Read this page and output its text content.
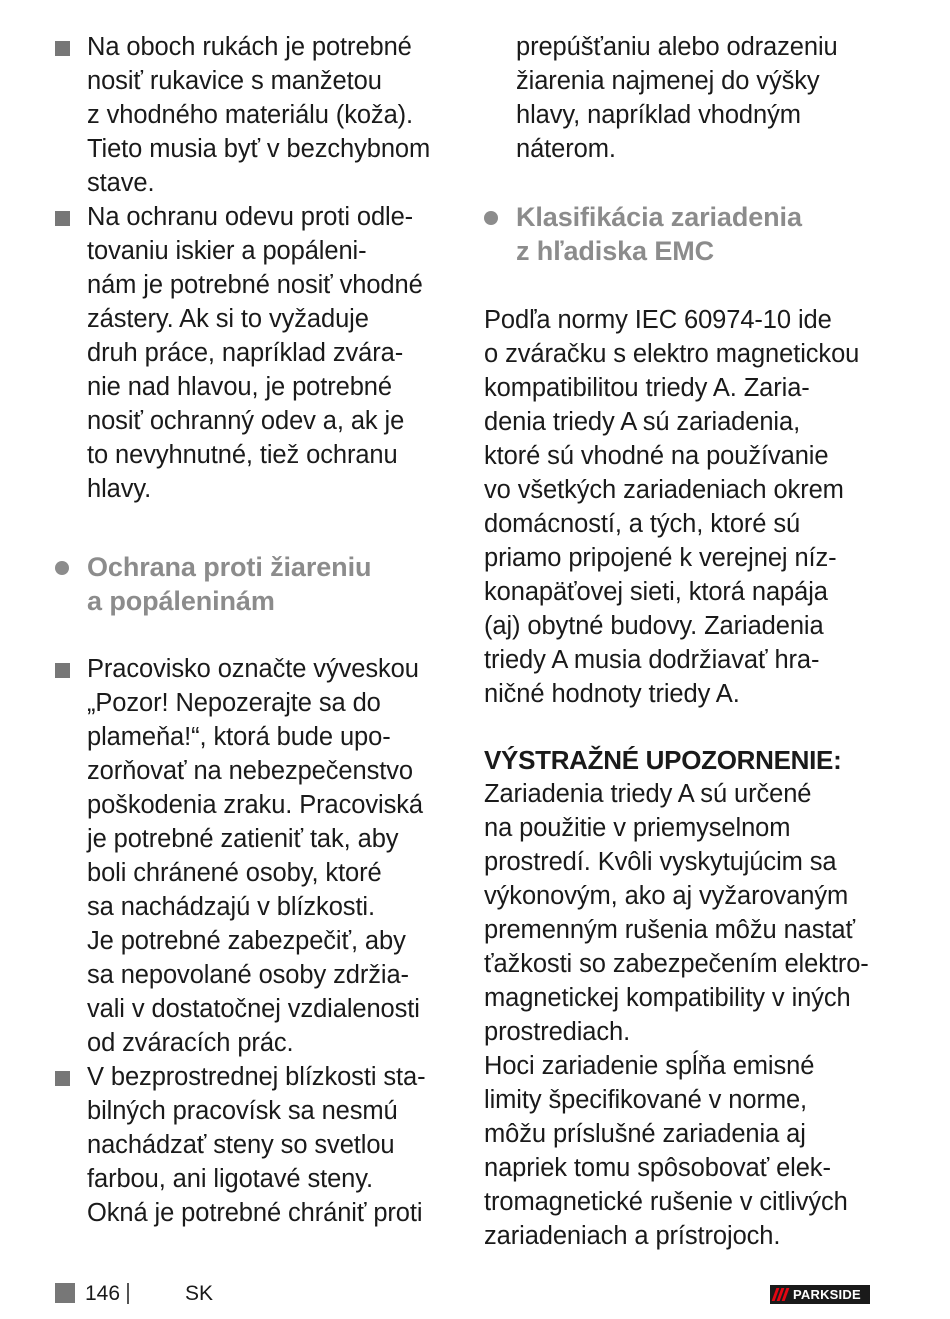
Na oboch rukách je potrebné
nosiť rukavice s manžetou
z vhodného materiálu (koža).
Tieto musia byť v bezchybnom
stave.
Na ochranu odevu proti odle-
tovaniu iskier a popáleni-
nám je potrebné nosiť vhodné
zástery. Ak si to vyžaduje
druh práce, napríklad zvára-
nie nad hlavou, je potrebné
nosiť ochranný odev a, ak je
to nevyhnutné, tiež ochranu
hlavy.
Ochrana proti žiareniu
a popáleninám
Pracovisko označte výveskou
„Pozor! Nepozerajte sa do
plameňa!“, ktorá bude upo-
zorňovať na nebezpečenstvo
poškodenia zraku. Pracoviská
je potrebné zatieniť tak, aby
boli chránené osoby, ktoré
sa nachádzajú v blízkosti.
Je potrebné zabezpečiť, aby
sa nepovolané osoby zdržia-
vali v dostatočnej vzdialenosti
od zváracích prác.
V bezprostrednej blízkosti sta-
bilných pracovísk sa nesmú
nachádzať steny so svetlou
farbou, ani ligotavé steny.
Okná je potrebné chrániť proti
prepúšťaniu alebo odrazeniu
žiarenia najmenej do výšky
hlavy, napríklad vhodným
náterom.
Klasifikácia zariadenia
z hľadiska EMC
Podľa normy IEC 60974-10 ide
o zváračku s elektro magnetickou
kompatibilitou triedy A. Zaria-
denia triedy A sú zariadenia,
ktoré sú vhodné na používanie
vo všetkých zariadeniach okrem
domácností, a tých, ktoré sú
priamo pripojené k verejnej níz-
konapäťovej sieti, ktorá napája
(aj) obytné budovy. Zariadenia
triedy A musia dodržiavať hra-
ničné hodnoty triedy A.
VÝSTRAŽNÉ UPOZORNENIE:
Zariadenia triedy A sú určené
na použitie v priemyselnom
prostredí. Kvôli vyskytujúcim sa
výkonovým, ako aj vyžarovaným
premenným rušenia môžu nastať
ťažkosti so zabezpečením elektro-
magnetickej kompatibility v iných
prostrediach.
Hoci zariadenie spĺňa emisné
limity špecifikované v norme,
môžu príslušné zariadenia aj
napriek tomu spôsobovať elek-
tromagnetické rušenie v citlivých
zariadeniach a prístrojoch.
146	SK	PARKSIDE
